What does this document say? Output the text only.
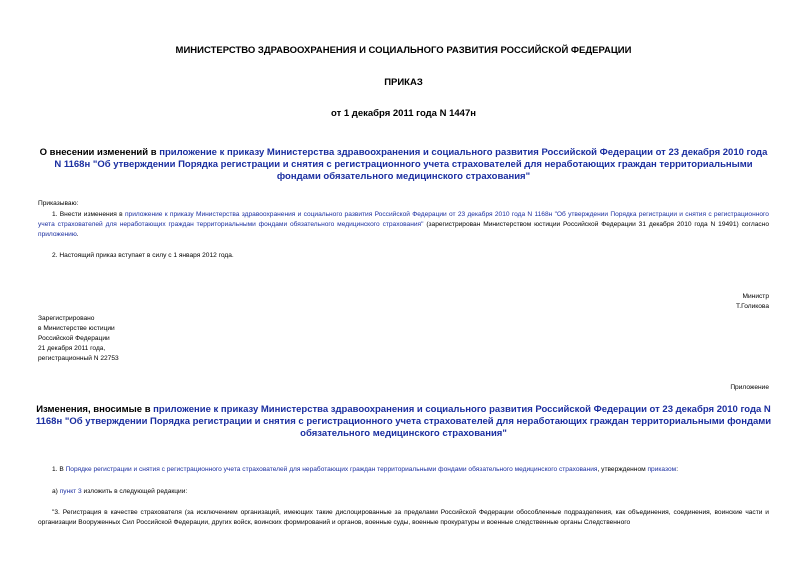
МИНИСТЕРСТВО ЗДРАВООХРАНЕНИЯ И СОЦИАЛЬНОГО РАЗВИТИЯ РОССИЙСКОЙ ФЕДЕРАЦИИ
ПРИКАЗ
от 1 декабря 2011 года N 1447н
О внесении изменений в приложение к приказу Министерства здравоохранения и социального развития Российской Федерации от 23 декабря 2010 года N 1168н "Об утверждении Порядка регистрации и снятия с регистрационного учета страхователей для неработающих граждан территориальными фондами обязательного медицинского страхования"
Приказываю:
1. Внести изменения в приложение к приказу Министерства здравоохранения и социального развития Российской Федерации от 23 декабря 2010 года N 1168н "Об утверждении Порядка регистрации и снятия с регистрационного учета страхователей для неработающих граждан территориальными фондами обязательного медицинского страхования" (зарегистрирован Министерством юстиции Российской Федерации 31 декабря 2010 года N 19491) согласно приложению.
2. Настоящий приказ вступает в силу с 1 января 2012 года.
Министр
Т.Голикова
Зарегистрировано
в Министерстве юстиции
Российской Федерации
21 декабря 2011 года,
регистрационный N 22753
Приложение
Изменения, вносимые в приложение к приказу Министерства здравоохранения и социального развития Российской Федерации от 23 декабря 2010 года N 1168н "Об утверждении Порядка регистрации и снятия с регистрационного учета страхователей для неработающих граждан территориальными фондами обязательного медицинского страхования"
1. В Порядке регистрации и снятия с регистрационного учета страхователей для неработающих граждан территориальными фондами обязательного медицинского страхования, утвержденном приказом:
а) пункт 3 изложить в следующей редакции:
"3. Регистрация в качестве страхователя (за исключением организаций, имеющих такие дислоцированные за пределами Российской Федерации обособленные подразделения, как объединения, соединения, воинские части и организации Вооруженных Сил Российской Федерации, других войск, воинских формирований и органов, военные суды, военные прокуратуры и военные следственные органы Следственного
